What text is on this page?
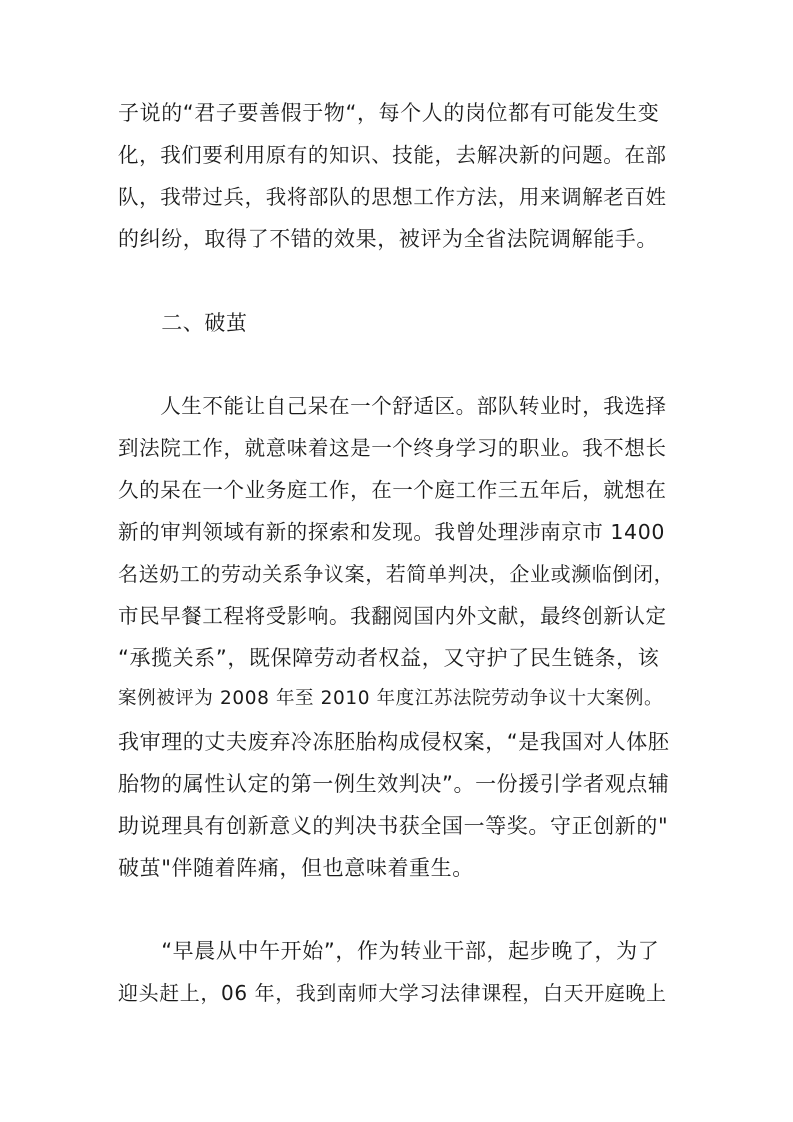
子说的“君子要善假于物“，每个人的岗位都有可能发生变
化，我们要利用原有的知识、技能，去解决新的问题。在部
队，我带过兵，我将部队的思想工作方法，用来调解老百姓
的纠纷，取得了不错的效果，被评为全省法院调解能手。
　　二、破茧
　　人生不能让自己呆在一个舒适区。部队转业时，我选择
到法院工作，就意味着这是一个终身学习的职业。我不想长
久的呆在一个业务庭工作，在一个庭工作三五年后，就想在
新的审判领域有新的探索和发现。我曾处理涉南京市 1400
名送奶工的劳动关系争议案，若简单判决，企业或濒临倒闭，
市民早餐工程将受影响。我翻阅国内外文献，最终创新认定
“承揽关系”，既保障劳动者权益，又守护了民生链条，该
案例被评为 2008 年至 2010 年度江苏法院劳动争议十大案例。
我审理的丈夫废弃冷冻胚胎构成侵权案，“是我国对人体胚
胎物的属性认定的第一例生效判决”。一份援引学者观点辅
助说理具有创新意义的判决书获全国一等奖。守正创新的"
破茧"伴随着阵痛，但也意味着重生。
　　“早晨从中午开始”，作为转业干部，起步晚了，为了
迎头赶上，06 年，我到南师大学习法律课程，白天开庭晚上
